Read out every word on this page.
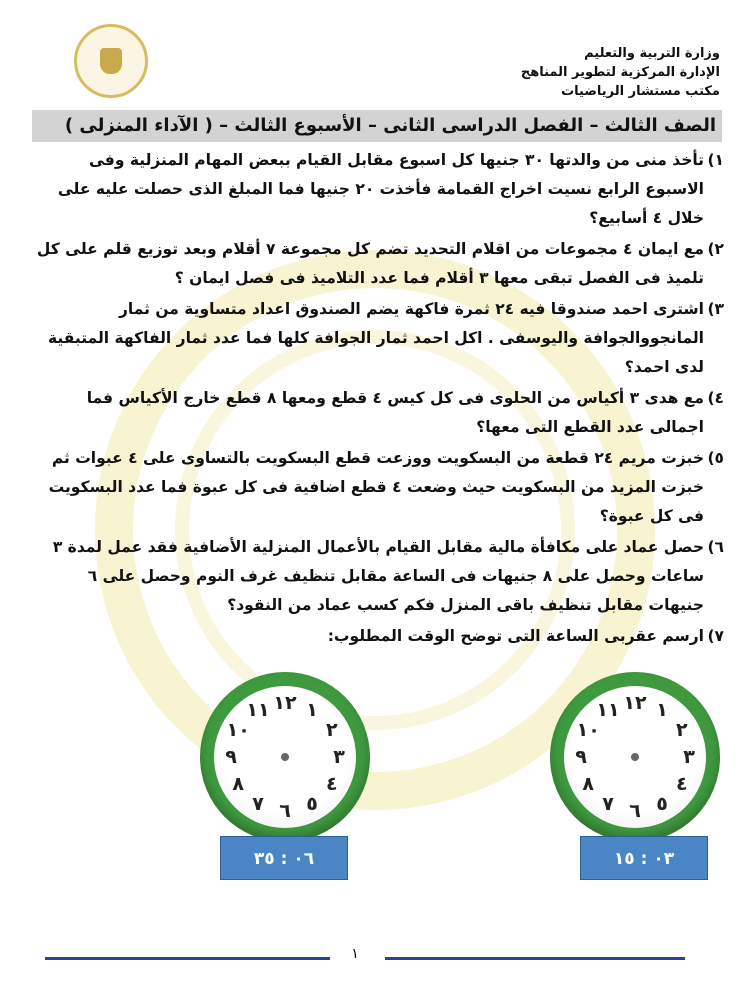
وزارة التربية والتعليم
الإدارة المركزية لتطوير المناهج
مكتب مستشار الرياضيات
الصف الثالث – الفصل الدراسى الثانى – الأسبوع الثالث – ( الآداء المنزلى )
١)
تأخذ منى من والدتها ٣٠ جنيها كل اسبوع مقابل القيام ببعض المهام المنزلية وفى الاسبوع الرابع نسيت اخراج القمامة فأخذت ٢٠ جنيها فما المبلغ الذى حصلت عليه على خلال ٤ أسابيع؟
٢)
مع ايمان ٤ مجموعات من اقلام التحديد تضم كل مجموعة ٧ أقلام وبعد توزيع قلم على كل تلميذ فى الفصل تبقى معها ٣ أقلام فما عدد التلاميذ فى فصل ايمان ؟
٣)
اشترى احمد صندوقا فيه ٢٤ ثمرة فاكهة يضم الصندوق اعداد متساوية من ثمار المانجووالجوافة واليوسفى . اكل احمد ثمار الجوافة كلها فما عدد ثمار الفاكهة المتبقية لدى احمد؟
٤)
مع هدى ٣ أكياس من الحلوى فى كل كيس ٤ قطع ومعها ٨ قطع خارج الأكياس فما اجمالى عدد القطع التى معها؟
٥)
خبزت مريم ٢٤ قطعة من البسكويت ووزعت قطع البسكويت بالتساوى على ٤ عبوات ثم خبزت المزيد من البسكويت حيث وضعت ٤ قطع اضافية فى كل عبوة فما عدد البسكويت فى كل عبوة؟
٦)
حصل عماد على مكافأة مالية مقابل القيام بالأعمال المنزلية الأضافية فقد عمل لمدة ٣ ساعات وحصل على ٨ جنيهات فى الساعة مقابل تنظيف غرف النوم وحصل على ٦ جنيهات مقابل تنظيف باقى المنزل فكم كسب عماد من النقود؟
٧)
ارسم عقربى الساعة التى توضح الوقت المطلوب:
١٢ ١
٢
٣
٤
٥
٦
٧
٨
٩
١٠
١١
٠٦ : ٣٥
١٢ ١
٢
٣
٤
٥
٦
٧
٨
٩
١٠
١١
٠٣ : ١٥
١
